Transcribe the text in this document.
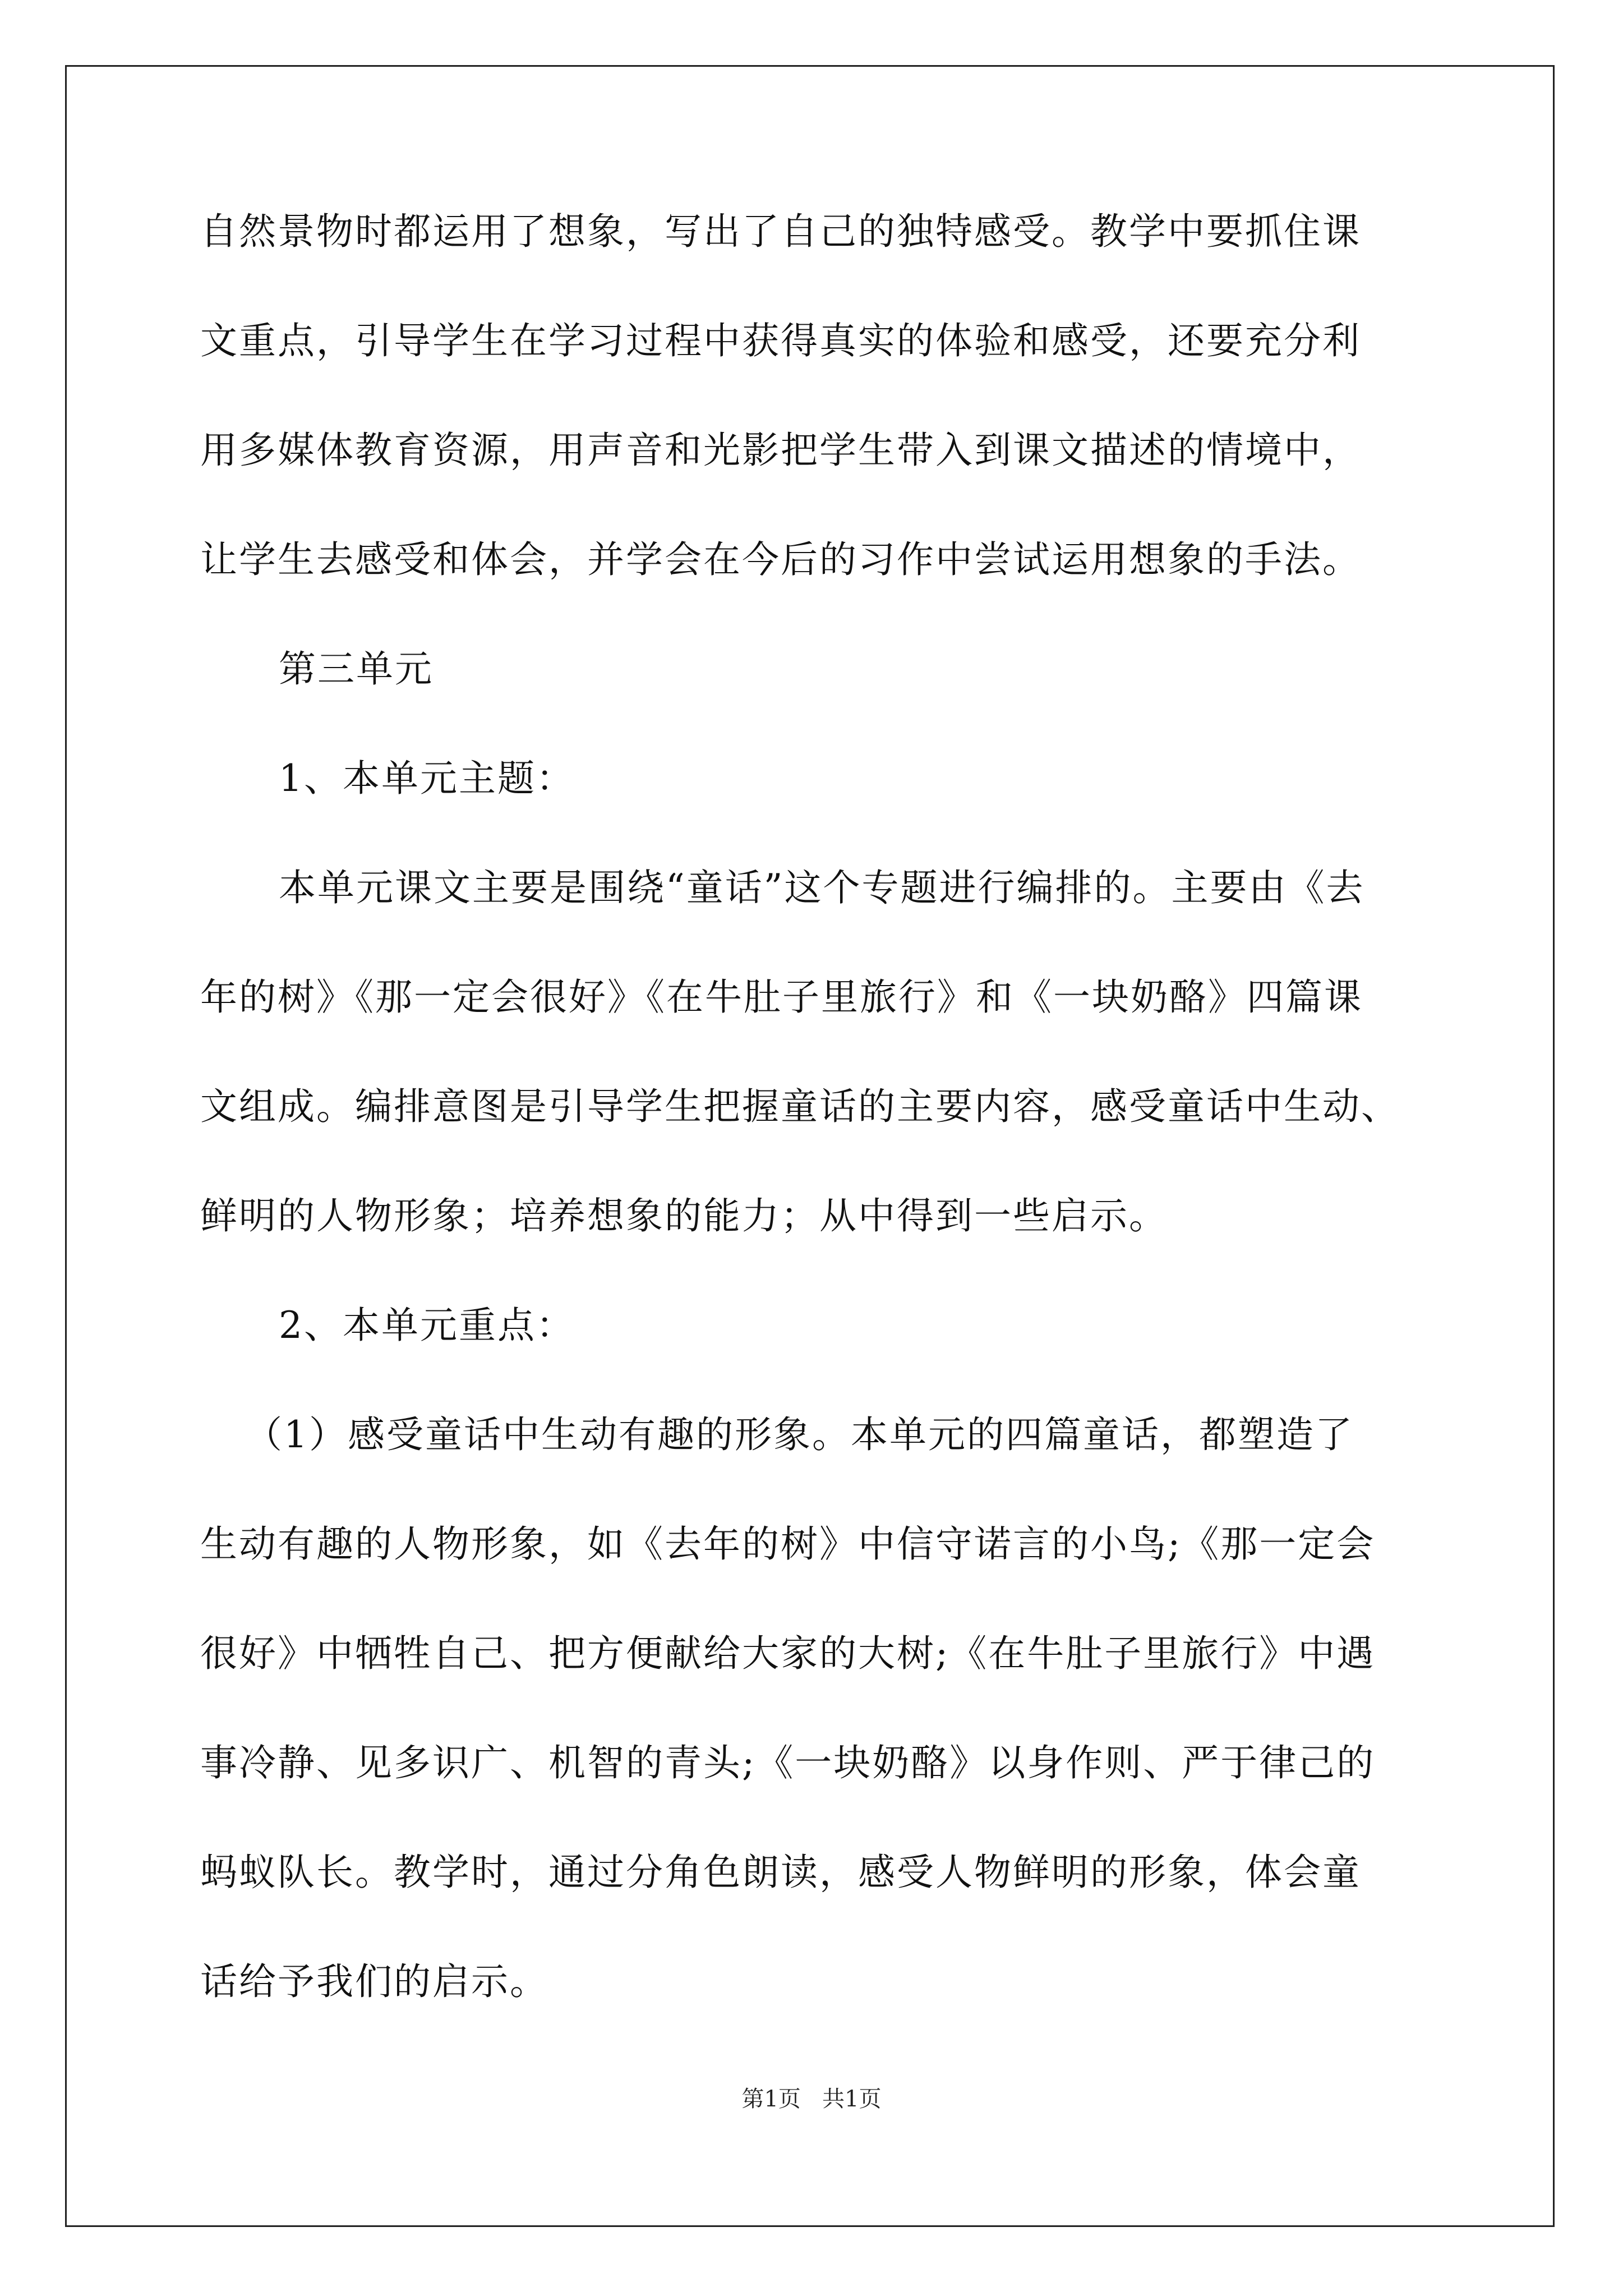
自然景物时都运用了想象，写出了自己的独特感受。教学中要抓住课
文重点，引导学生在学习过程中获得真实的体验和感受，还要充分利
用多媒体教育资源，用声音和光影把学生带入到课文描述的情境中，
让学生去感受和体会，并学会在今后的习作中尝试运用想象的手法。
第三单元
1、本单元主题：
本单元课文主要是围绕“童话”这个专题进行编排的。主要由《去
年的树》《那一定会很好》《在牛肚子里旅行》和《一块奶酪》四篇课
文组成。编排意图是引导学生把握童话的主要内容，感受童话中生动、
鲜明的人物形象；培养想象的能力；从中得到一些启示。
2、本单元重点：
（1）感受童话中生动有趣的形象。本单元的四篇童话，都塑造了
生动有趣的人物形象，如《去年的树》中信守诺言的小鸟;《那一定会
很好》中牺牲自己、把方便献给大家的大树;《在牛肚子里旅行》中遇
事冷静、见多识广、机智的青头;《一块奶酪》以身作则、严于律己的
蚂蚁队长。教学时，通过分角色朗读，感受人物鲜明的形象，体会童
话给予我们的启示。
第1页   共1页
